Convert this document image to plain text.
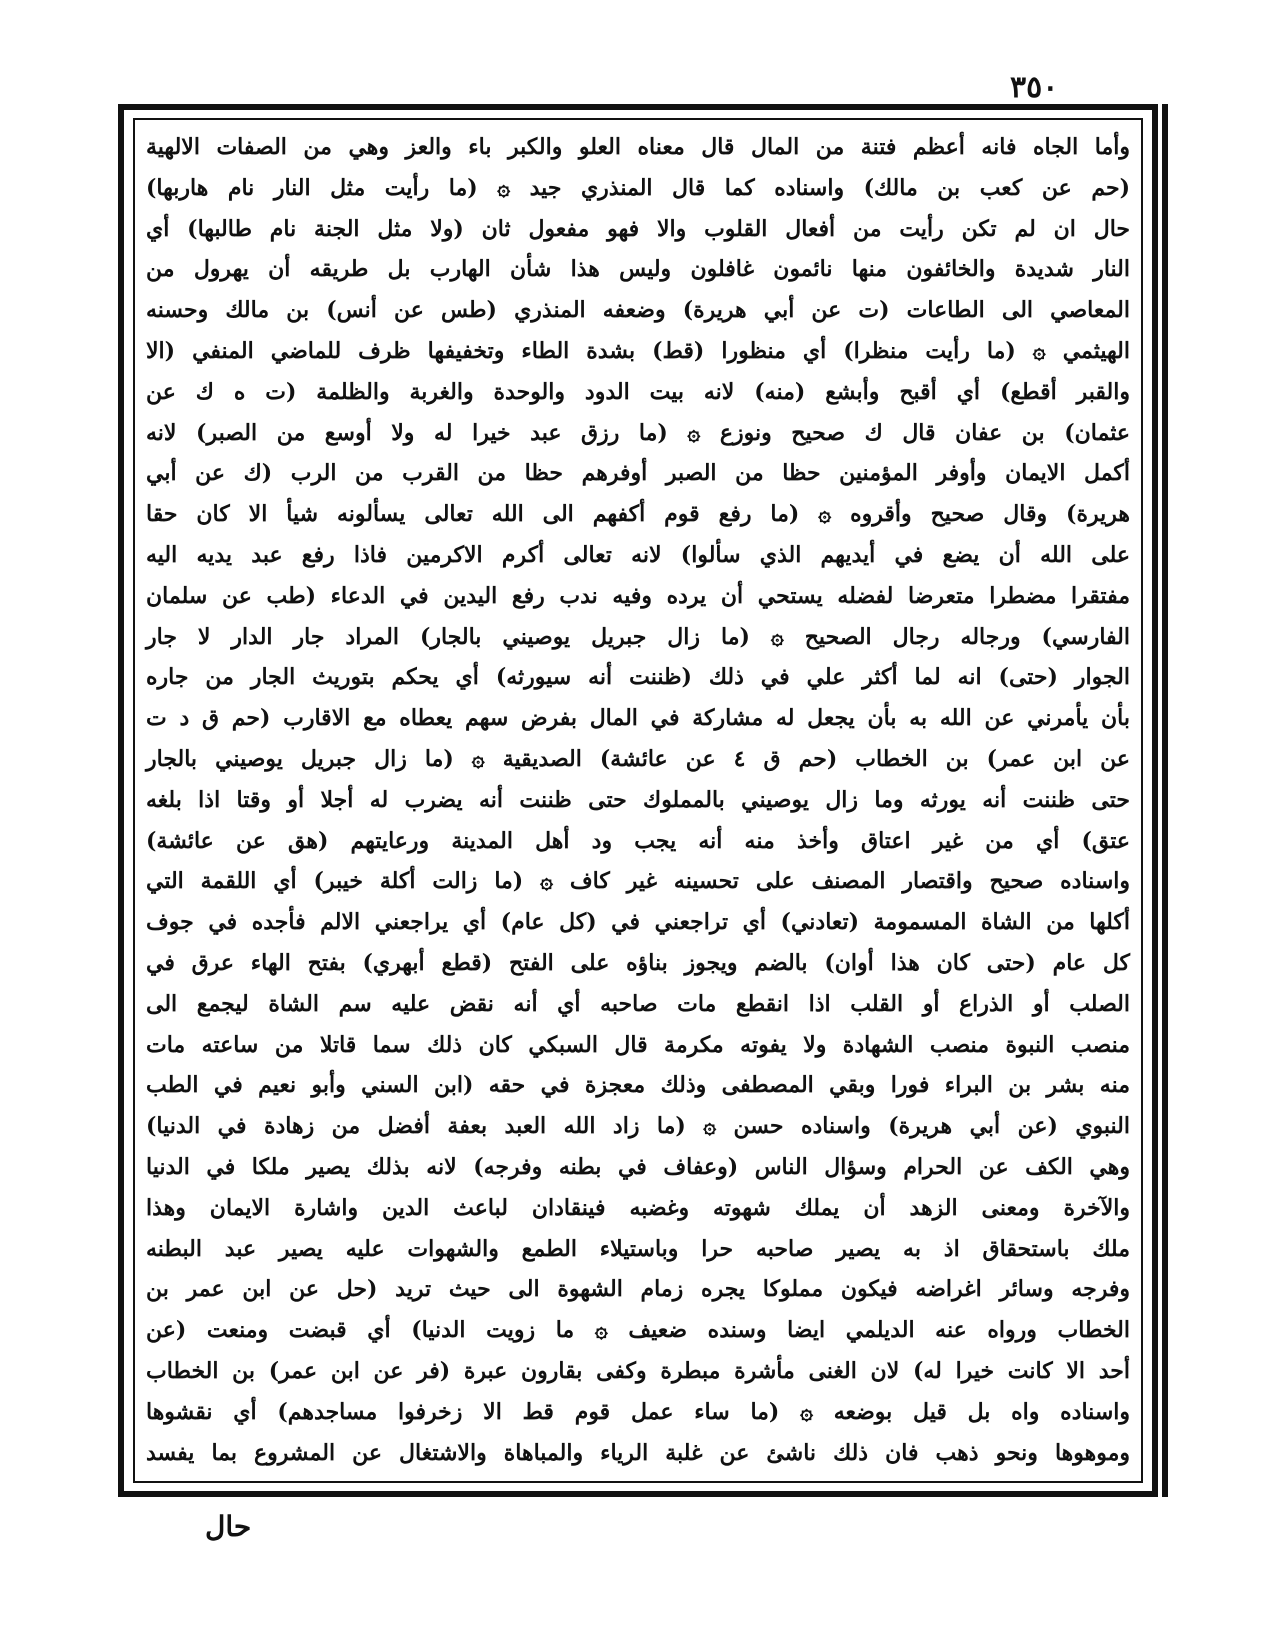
٣٥٠
وأما الجاه فانه أعظم فتنة من المال قال معناه العلو والكبر باء والعز وهي من الصفات الالهية
(حم عن كعب بن مالك) واسناده كما قال المنذري جيد ۞ (ما رأيت مثل النار نام هاربها)
حال ان لم تكن رأيت من أفعال القلوب والا فهو مفعول ثان (ولا مثل الجنة نام طالبها) أي
النار شديدة والخائفون منها نائمون غافلون وليس هذا شأن الهارب بل طريقه أن يهرول من
المعاصي الى الطاعات (ت عن أبي هريرة) وضعفه المنذري (طس عن أنس) بن مالك وحسنه
الهيثمي ۞ (ما رأيت منظرا) أي منظورا (قط) بشدة الطاء وتخفيفها ظرف للماضي المنفي (الا
والقبر أقطع) أي أقبح وأبشع (منه) لانه بيت الدود والوحدة والغربة والظلمة (ت ه ك عن
عثمان) بن عفان قال ك صحيح ونوزع ۞ (ما رزق عبد خيرا له ولا أوسع من الصبر) لانه
أكمل الايمان وأوفر المؤمنين حظا من الصبر أوفرهم حظا من القرب من الرب (ك عن أبي
هريرة) وقال صحيح وأقروه ۞ (ما رفع قوم أكفهم الى الله تعالى يسألونه شيأ الا كان حقا
على الله أن يضع في أيديهم الذي سألوا) لانه تعالى أكرم الاكرمين فاذا رفع عبد يديه اليه
مفتقرا مضطرا متعرضا لفضله يستحي أن يرده وفيه ندب رفع اليدين في الدعاء (طب عن سلمان
الفارسي) ورجاله رجال الصحيح ۞ (ما زال جبريل يوصيني بالجار) المراد جار الدار لا جار
الجوار (حتى) انه لما أكثر علي في ذلك (ظننت أنه سيورثه) أي يحكم بتوريث الجار من جاره
بأن يأمرني عن الله به بأن يجعل له مشاركة في المال بفرض سهم يعطاه مع الاقارب (حم ق د ت
عن ابن عمر) بن الخطاب (حم ق ٤ عن عائشة) الصديقية ۞ (ما زال جبريل يوصيني بالجار
حتى ظننت أنه يورثه وما زال يوصيني بالمملوك حتى ظننت أنه يضرب له أجلا أو وقتا اذا بلغه
عتق) أي من غير اعتاق وأخذ منه أنه يجب ود أهل المدينة ورعايتهم (هق عن عائشة)
واسناده صحيح واقتصار المصنف على تحسينه غير كاف ۞ (ما زالت أكلة خيبر) أي اللقمة التي
أكلها من الشاة المسمومة (تعادني) أي تراجعني في (كل عام) أي يراجعني الالم فأجده في جوف
كل عام (حتى كان هذا أوان) بالضم ويجوز بناؤه على الفتح (قطع أبهري) بفتح الهاء عرق في
الصلب أو الذراع أو القلب اذا انقطع مات صاحبه أي أنه نقض عليه سم الشاة ليجمع الى
منصب النبوة منصب الشهادة ولا يفوته مكرمة قال السبكي كان ذلك سما قاتلا من ساعته مات
منه بشر بن البراء فورا وبقي المصطفى وذلك معجزة في حقه (ابن السني وأبو نعيم في الطب
النبوي (عن أبي هريرة) واسناده حسن ۞ (ما زاد الله العبد بعفة أفضل من زهادة في الدنيا)
وهي الكف عن الحرام وسؤال الناس (وعفاف في بطنه وفرجه) لانه بذلك يصير ملكا في الدنيا
والآخرة ومعنى الزهد أن يملك شهوته وغضبه فينقادان لباعث الدين واشارة الايمان وهذا
ملك باستحقاق اذ به يصير صاحبه حرا وباستيلاء الطمع والشهوات عليه يصير عبد البطنه
وفرجه وسائر اغراضه فيكون مملوكا يجره زمام الشهوة الى حيث تريد (حل عن ابن عمر بن
الخطاب ورواه عنه الديلمي ايضا وسنده ضعيف ۞ ما زويت الدنيا) أي قبضت ومنعت (عن
أحد الا كانت خيرا له) لان الغنى مأشرة مبطرة وكفى بقارون عبرة (فر عن ابن عمر) بن الخطاب
واسناده واه بل قيل بوضعه ۞ (ما ساء عمل قوم قط الا زخرفوا مساجدهم) أي نقشوها
وموهوها ونحو ذهب فان ذلك ناشئ عن غلبة الرياء والمباهاة والاشتغال عن المشروع بما يفسد
حال
